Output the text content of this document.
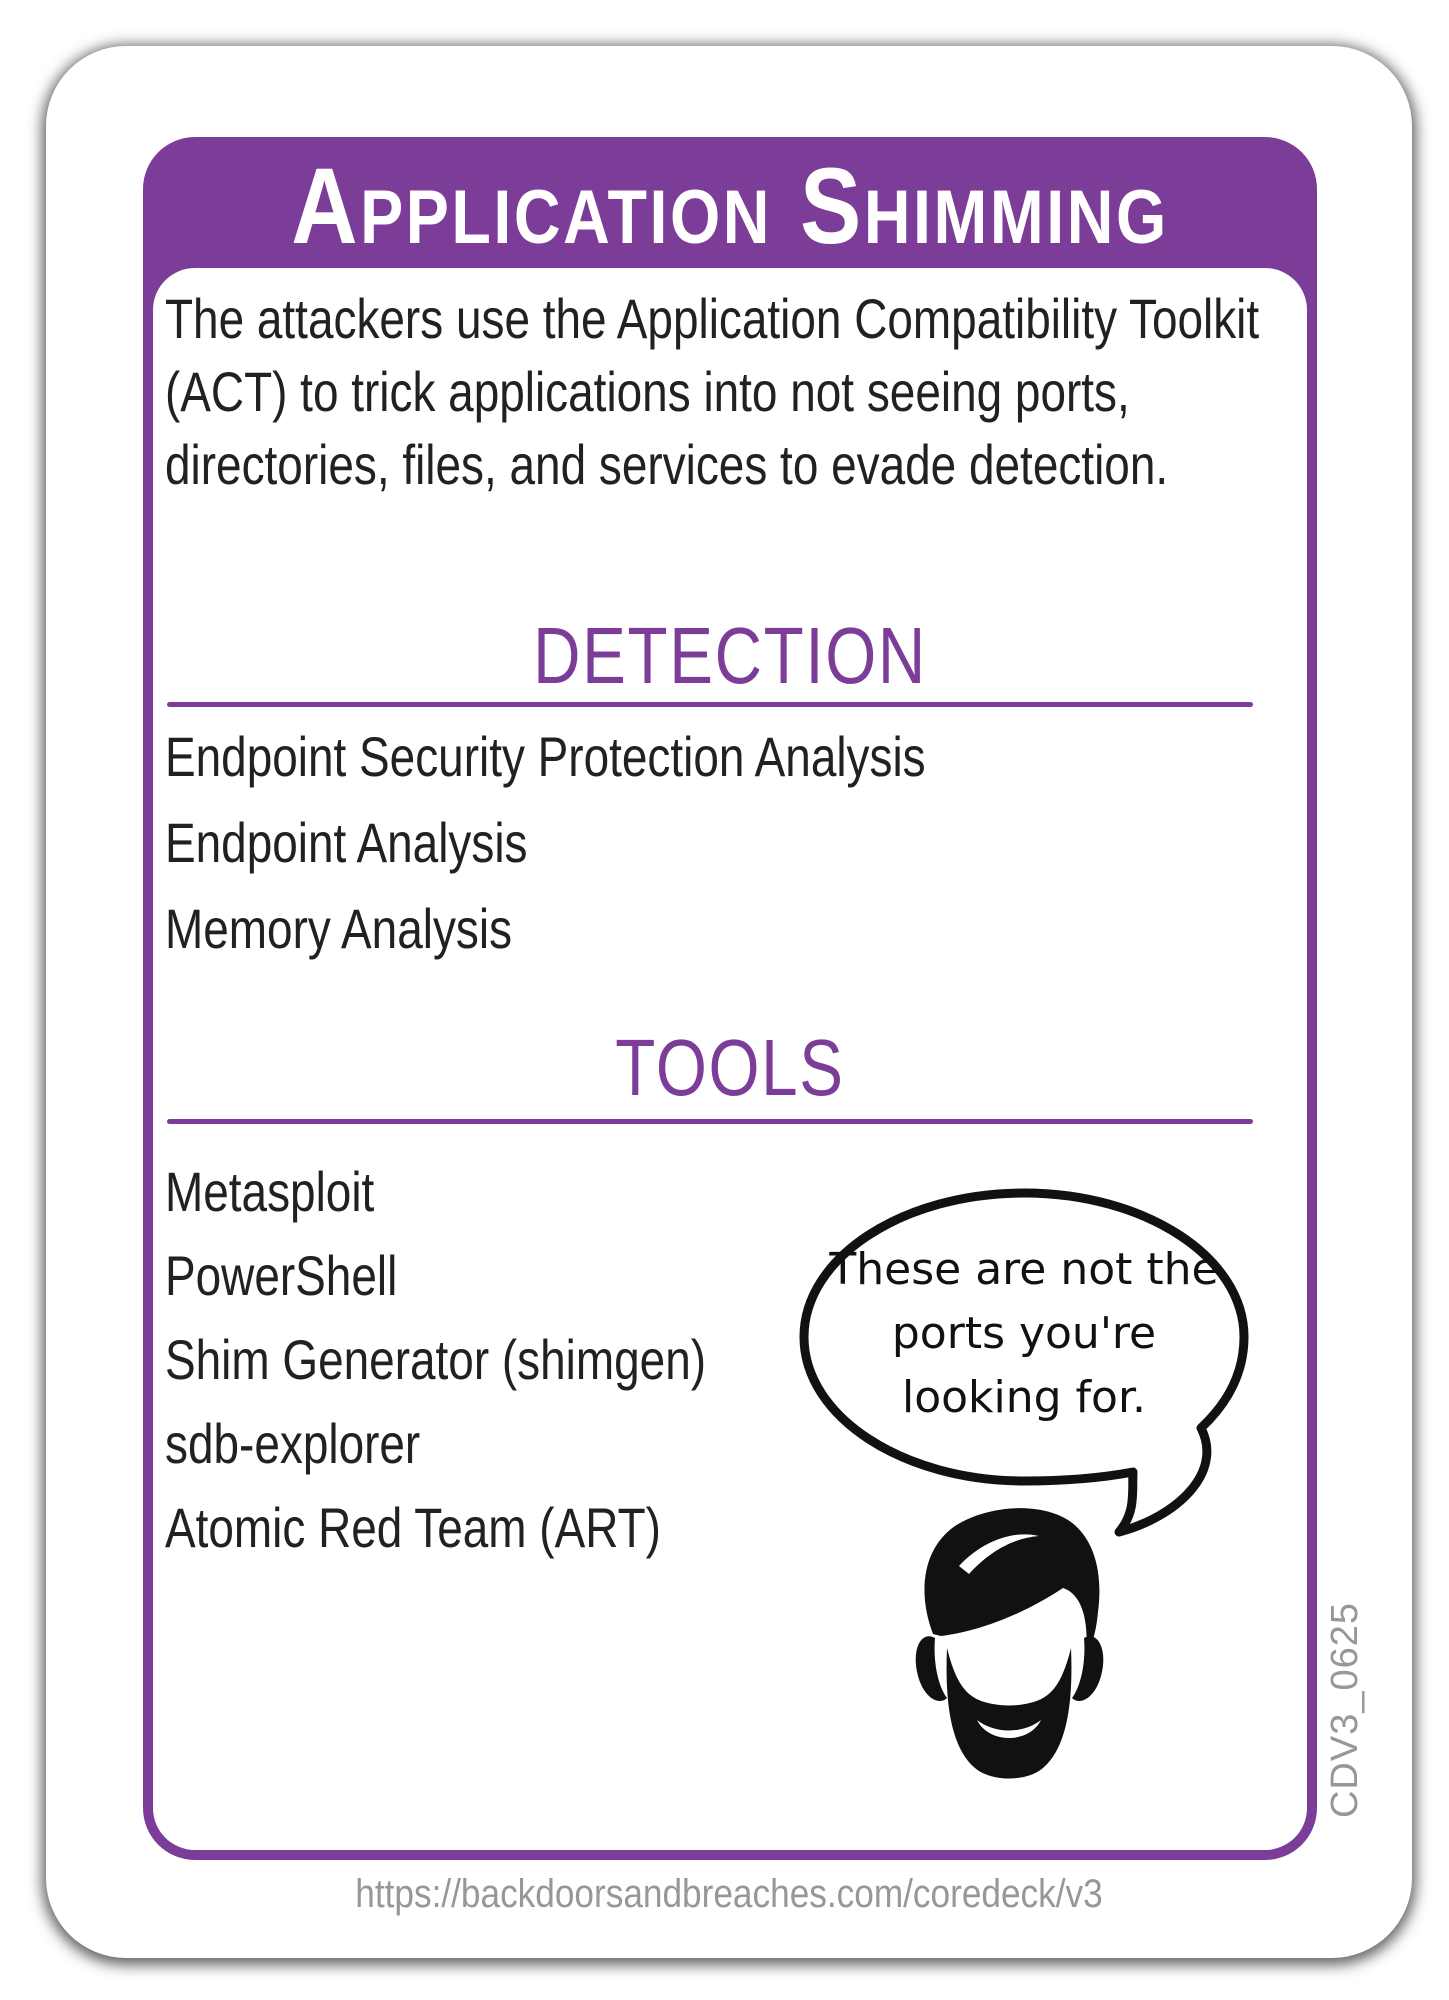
Application Shimming

The attackers use the Application Compatibility Toolkit (ACT) to trick applications into not seeing ports, directories, files, and services to evade detection.

DETECTION
Endpoint Security Protection Analysis
Endpoint Analysis
Memory Analysis
TOOLS
Metasploit
PowerShell
Shim Generator (shimgen)
sdb-explorer
Atomic Red Team (ART)
These are not the ports you're looking for.
CDV3_0625
https://backdoorsandbreaches.com/coredeck/v3
